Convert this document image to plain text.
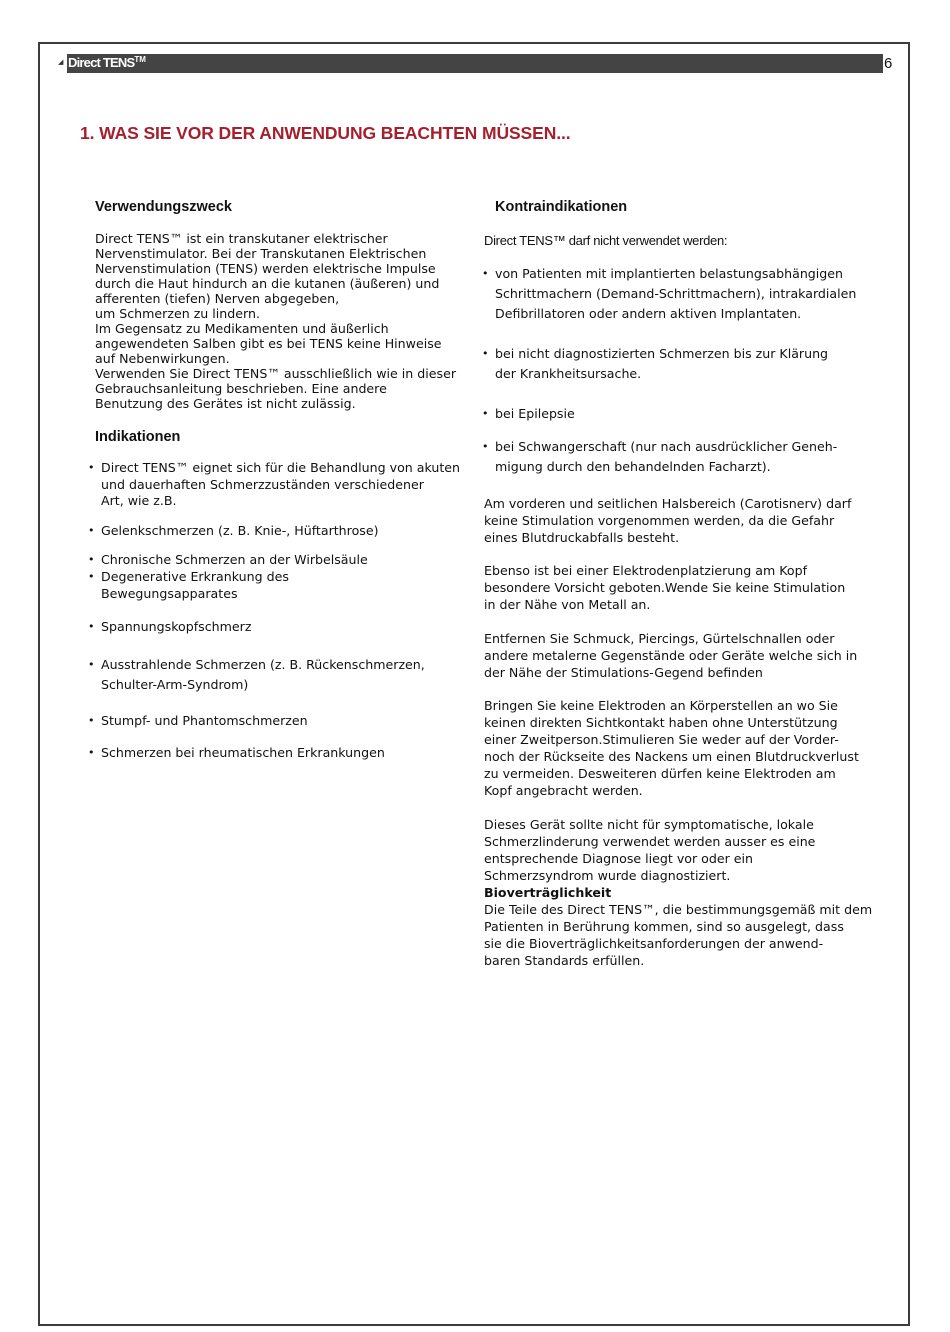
◢ Direct TENS™	6
1. WAS SIE VOR DER ANWENDUNG BEACHTEN MÜSSEN...
Verwendungszweck
Direct TENS™ ist ein transkutaner elektrischer
Nervenstimulator. Bei der Transkutanen Elektrischen
Nervenstimulation (TENS) werden elektrische Impulse
durch die Haut hindurch an die kutanen (äußeren) und
afferenten (tiefen) Nerven abgegeben,
um Schmerzen zu lindern.
Im Gegensatz zu Medikamenten und äußerlich
angewendeten Salben gibt es bei TENS keine Hinweise
auf Nebenwirkungen.
Verwenden Sie Direct TENS™ ausschließlich wie in dieser
Gebrauchsanleitung beschrieben. Eine andere
Benutzung des Gerätes ist nicht zulässig.
Indikationen
• Direct TENS™ eignet sich für die Behandlung von akuten
und dauerhaften Schmerzzuständen verschiedener
Art, wie z.B.
• Gelenkschmerzen (z. B. Knie-, Hüftarthrose)
• Chronische Schmerzen an der Wirbelsäule
• Degenerative Erkrankung des
Bewegungsapparates
• Spannungskopfschmerz
• Ausstrahlende Schmerzen (z. B. Rückenschmerzen,
Schulter-Arm-Syndrom)
• Stumpf- und Phantomschmerzen
• Schmerzen bei rheumatischen Erkrankungen
Kontraindikationen
Direct TENS™ darf nicht verwendet werden:
• von Patienten mit implantierten belastungsabhängigen
Schrittmachern (Demand-Schrittmachern), intrakardialen
Defibrillatoren oder andern aktiven Implantaten.
• bei nicht diagnostizierten Schmerzen bis zur Klärung
der Krankheitsursache.
• bei Epilepsie
• bei Schwangerschaft (nur nach ausdrücklicher Geneh-
migung durch den behandelnden Facharzt).
Am vorderen und seitlichen Halsbereich (Carotisnerv) darf
keine Stimulation vorgenommen werden, da die Gefahr
eines Blutdruckabfalls besteht.
Ebenso ist bei einer Elektrodenplatzierung am Kopf
besondere Vorsicht geboten.Wende Sie keine Stimulation
in der Nähe von Metall an.
Entfernen Sie Schmuck, Piercings, Gürtelschnallen oder
andere metalerne Gegenstände oder Geräte welche sich in
der Nähe der Stimulations-Gegend befinden
Bringen Sie keine Elektroden an Körperstellen an wo Sie
keinen direkten Sichtkontakt haben ohne Unterstützung
einer Zweitperson.Stimulieren Sie weder auf der Vorder-
noch der Rückseite des Nackens um einen Blutdruckverlust
zu vermeiden. Desweiteren dürfen keine Elektroden am
Kopf angebracht werden.
Dieses Gerät sollte nicht für symptomatische, lokale
Schmerzlinderung verwendet werden ausser es eine
entsprechende Diagnose liegt vor oder ein
Schmerzsyndrom wurde diagnostiziert.
Bioverträglichkeit
Die Teile des Direct TENS™, die bestimmungsgemäß mit dem
Patienten in Berührung kommen, sind so ausgelegt, dass
sie die Bioverträglichkeitsanforderungen der anwend-
baren Standards erfüllen.
